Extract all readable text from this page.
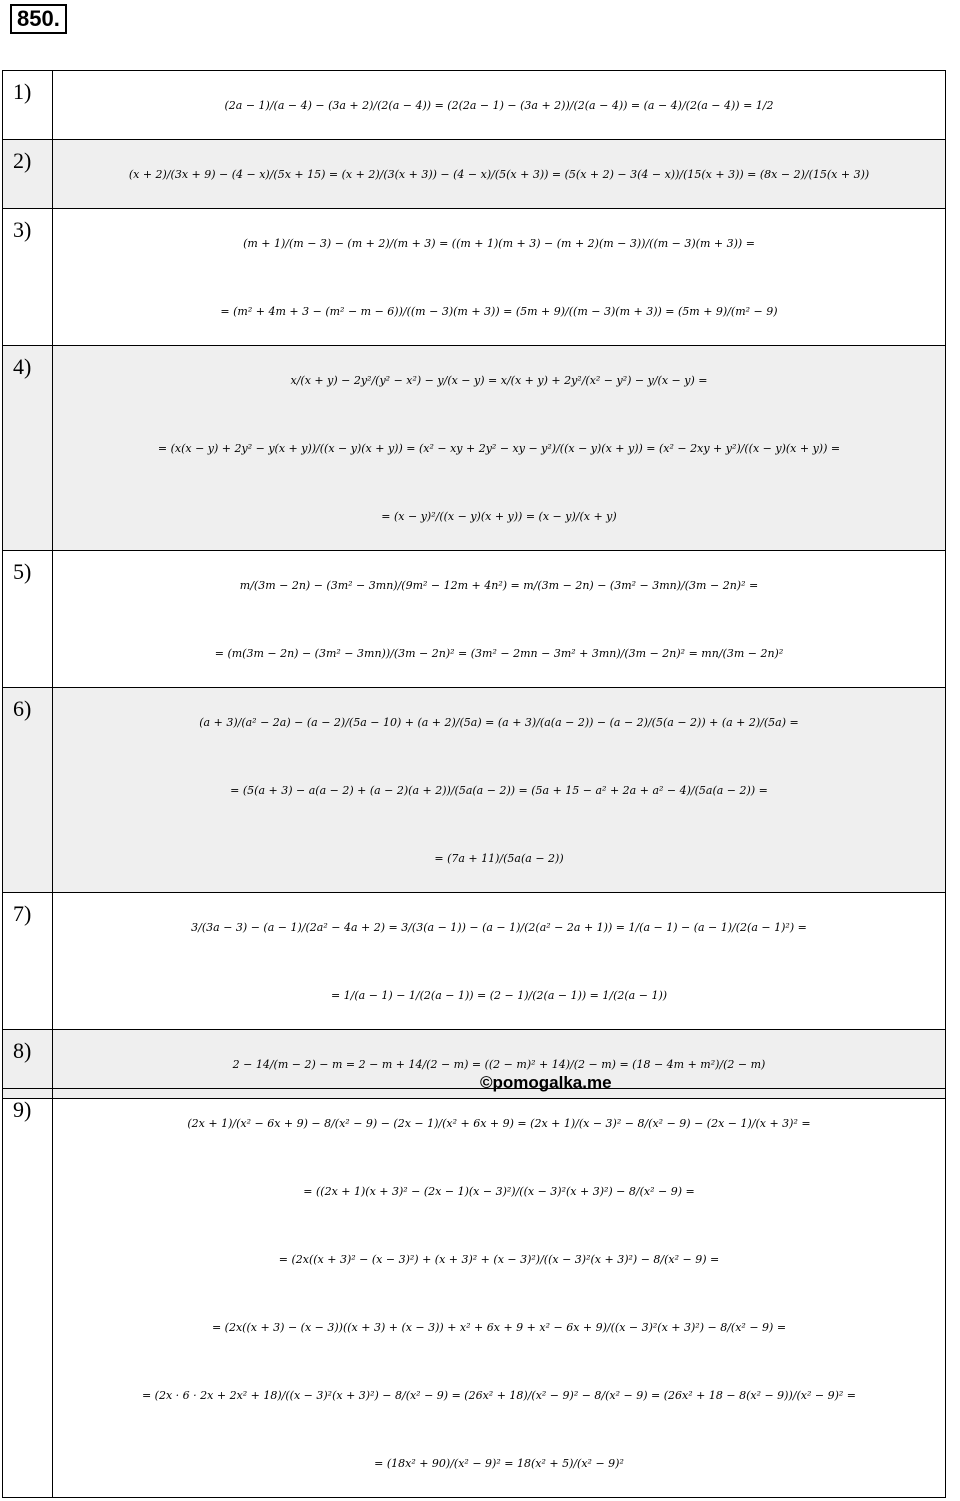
850.
1)	(2a − 1)/(a − 4) − (3a + 2)/(2(a − 4)) = (2(2a − 1) − (3a + 2))/(2(a − 4)) = (a − 4)/(2(a − 4)) = 1/2

2)	(x + 2)/(3x + 9) − (4 − x)/(5x + 15) = (x + 2)/(3(x + 3)) − (4 − x)/(5(x + 3)) = (5(x + 2) − 3(4 − x))/(15(x + 3)) = (8x − 2)/(15(x + 3))

3)	(m + 1)/(m − 3) − (m + 2)/(m + 3) = ((m + 1)(m + 3) − (m + 2)(m − 3))/((m − 3)(m + 3)) =
= (m² + 4m + 3 − (m² − m − 6))/((m − 3)(m + 3)) = (5m + 9)/((m − 3)(m + 3)) = (5m + 9)/(m² − 9)

4)	x/(x + y) − 2y²/(y² − x²) − y/(x − y) = x/(x + y) + 2y²/(x² − y²) − y/(x − y) =
= (x(x − y) + 2y² − y(x + y))/((x − y)(x + y)) = (x² − xy + 2y² − xy − y²)/((x − y)(x + y)) = (x² − 2xy + y²)/((x − y)(x + y)) =
= (x − y)²/((x − y)(x + y)) = (x − y)/(x + y)

5)	m/(3m − 2n) − (3m² − 3mn)/(9m² − 12m + 4n²) = m/(3m − 2n) − (3m² − 3mn)/(3m − 2n)² =
= (m(3m − 2n) − (3m² − 3mn))/(3m − 2n)² = (3m² − 2mn − 3m² + 3mn)/(3m − 2n)² = mn/(3m − 2n)²

6)	(a + 3)/(a² − 2a) − (a − 2)/(5a − 10) + (a + 2)/(5a) = (a + 3)/(a(a − 2)) − (a − 2)/(5(a − 2)) + (a + 2)/(5a) =
= (5(a + 3) − a(a − 2) + (a − 2)(a + 2))/(5a(a − 2)) = (5a + 15 − a² + 2a + a² − 4)/(5a(a − 2)) =
= (7a + 11)/(5a(a − 2))

7)	3/(3a − 3) − (a − 1)/(2a² − 4a + 2) = 3/(3(a − 1)) − (a − 1)/(2(a² − 2a + 1)) = 1/(a − 1) − (a − 1)/(2(a − 1)²) =
= 1/(a − 1) − 1/(2(a − 1)) = (2 − 1)/(2(a − 1)) = 1/(2(a − 1))

8)	2 − 14/(m − 2) − m = 2 − m + 14/(2 − m) = ((2 − m)² + 14)/(2 − m) = (18 − 4m + m²)/(2 − m)
9)	
(2x + 1)/(x² − 6x + 9) − 8/(x² − 9) − (2x − 1)/(x² + 6x + 9) = (2x + 1)/(x − 3)² − 8/(x² − 9) − (2x − 1)/(x + 3)² =
= ((2x + 1)(x + 3)² − (2x − 1)(x − 3)²)/((x − 3)²(x + 3)²) − 8/(x² − 9) =
= (2x((x + 3)² − (x − 3)²) + (x + 3)² + (x − 3)²)/((x − 3)²(x + 3)²) − 8/(x² − 9) =
= (2x((x + 3) − (x − 3))((x + 3) + (x − 3)) + x² + 6x + 9 + x² − 6x + 9)/((x − 3)²(x + 3)²) − 8/(x² − 9) =
= (2x · 6 · 2x + 2x² + 18)/((x − 3)²(x + 3)²) − 8/(x² − 9) = (26x² + 18)/(x² − 9)² − 8/(x² − 9) = (26x² + 18 − 8(x² − 9))/(x² − 9)² =
= (18x² + 90)/(x² − 9)² = 18(x² + 5)/(x² − 9)²
©pomogalka.me
